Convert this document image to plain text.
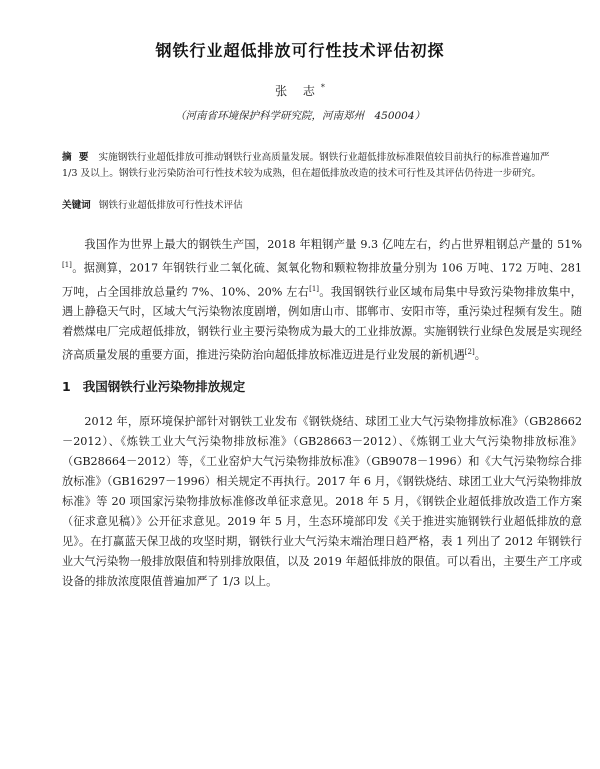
钢铁行业超低排放可行性技术评估初探
张 志*
（河南省环境保护科学研究院，河南郑州　450004）
摘 要 实施钢铁行业超低排放可推动钢铁行业高质量发展。钢铁行业超低排放标准限值较目前执行的标准普遍加严 1/3 及以上。钢铁行业污染防治可行性技术较为成熟，但在超低排放改造的技术可行性及其评估仍待进一步研究。
关键词 钢铁行业超低排放可行性技术评估

我国作为世界上最大的钢铁生产国，2018 年粗钢产量 9.3 亿吨左右，约占世界粗钢总产量的 51%[1]。据测算，2017 年钢铁行业二氧化硫、氮氧化物和颗粒物排放量分别为 106 万吨、172 万吨、281 万吨，占全国排放总量约 7%、10%、20% 左右[1]。我国钢铁行业区域布局集中导致污染物排放集中，遇上静稳天气时，区域大气污染物浓度剧增，例如唐山市、邯郸市、安阳市等，重污染过程频有发生。随着燃煤电厂完成超低排放，钢铁行业主要污染物成为最大的工业排放源。实施钢铁行业绿色发展是实现经济高质量发展的重要方面，推进污染防治向超低排放标准迈进是行业发展的新机遇[2]。

1 我国钢铁行业污染物排放规定

2012 年，原环境保护部针对钢铁工业发布《钢铁烧结、球团工业大气污染物排放标准》（GB28662－2012）、《炼铁工业大气污染物排放标准》（GB28663－2012）、《炼钢工业大气污染物排放标准》（GB28664－2012）等，《工业窑炉大气污染物排放标准》（GB9078－1996）和《大气污染物综合排放标准》（GB16297－1996）相关规定不再执行。2017 年 6 月，《钢铁烧结、球团工业大气污染物排放标准》等 20 项国家污染物排放标准修改单征求意见。2018 年 5 月，《钢铁企业超低排放改造工作方案（征求意见稿）》公开征求意见。2019 年 5 月，生态环境部印发《关于推进实施钢铁行业超低排放的意见》。在打赢蓝天保卫战的攻坚时期，钢铁行业大气污染末端治理日趋严格，表 1 列出了 2012 年钢铁行业大气污染物一般排放限值和特别排放限值，以及 2019 年超低排放的限值。可以看出，主要生产工序或设备的排放浓度限值普遍加严了 1/3 以上。
